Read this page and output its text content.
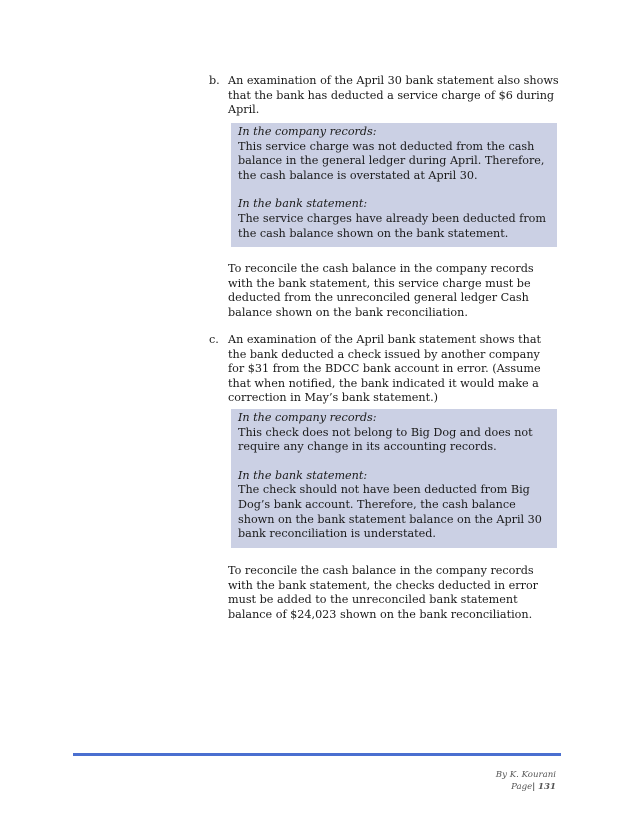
b. An examination of the April 30 bank statement also shows that the bank has deducted a service charge of $6 during April.
In the company records:
This service charge was not deducted from the cash balance in the general ledger during April. Therefore, the cash balance is overstated at April 30.
In the bank statement:
The service charges have already been deducted from the cash balance shown on the bank statement.
To reconcile the cash balance in the company records with the bank statement, this service charge must be deducted from the unreconciled general ledger Cash balance shown on the bank reconciliation.
c. An examination of the April bank statement shows that the bank deducted a check issued by another company for $31 from the BDCC bank account in error. (Assume that when notified, the bank indicated it would make a correction in May’s bank statement.)
In the company records:
This check does not belong to Big Dog and does not require any change in its accounting records.
In the bank statement:
The check should not have been deducted from Big Dog’s bank account. Therefore, the cash balance shown on the bank statement balance on the April 30 bank reconciliation is understated.
To reconcile the cash balance in the company records with the bank statement, the checks deducted in error must be added to the unreconciled bank statement balance of $24,023 shown on the bank reconciliation.
By K. Kourani
Page| 131
